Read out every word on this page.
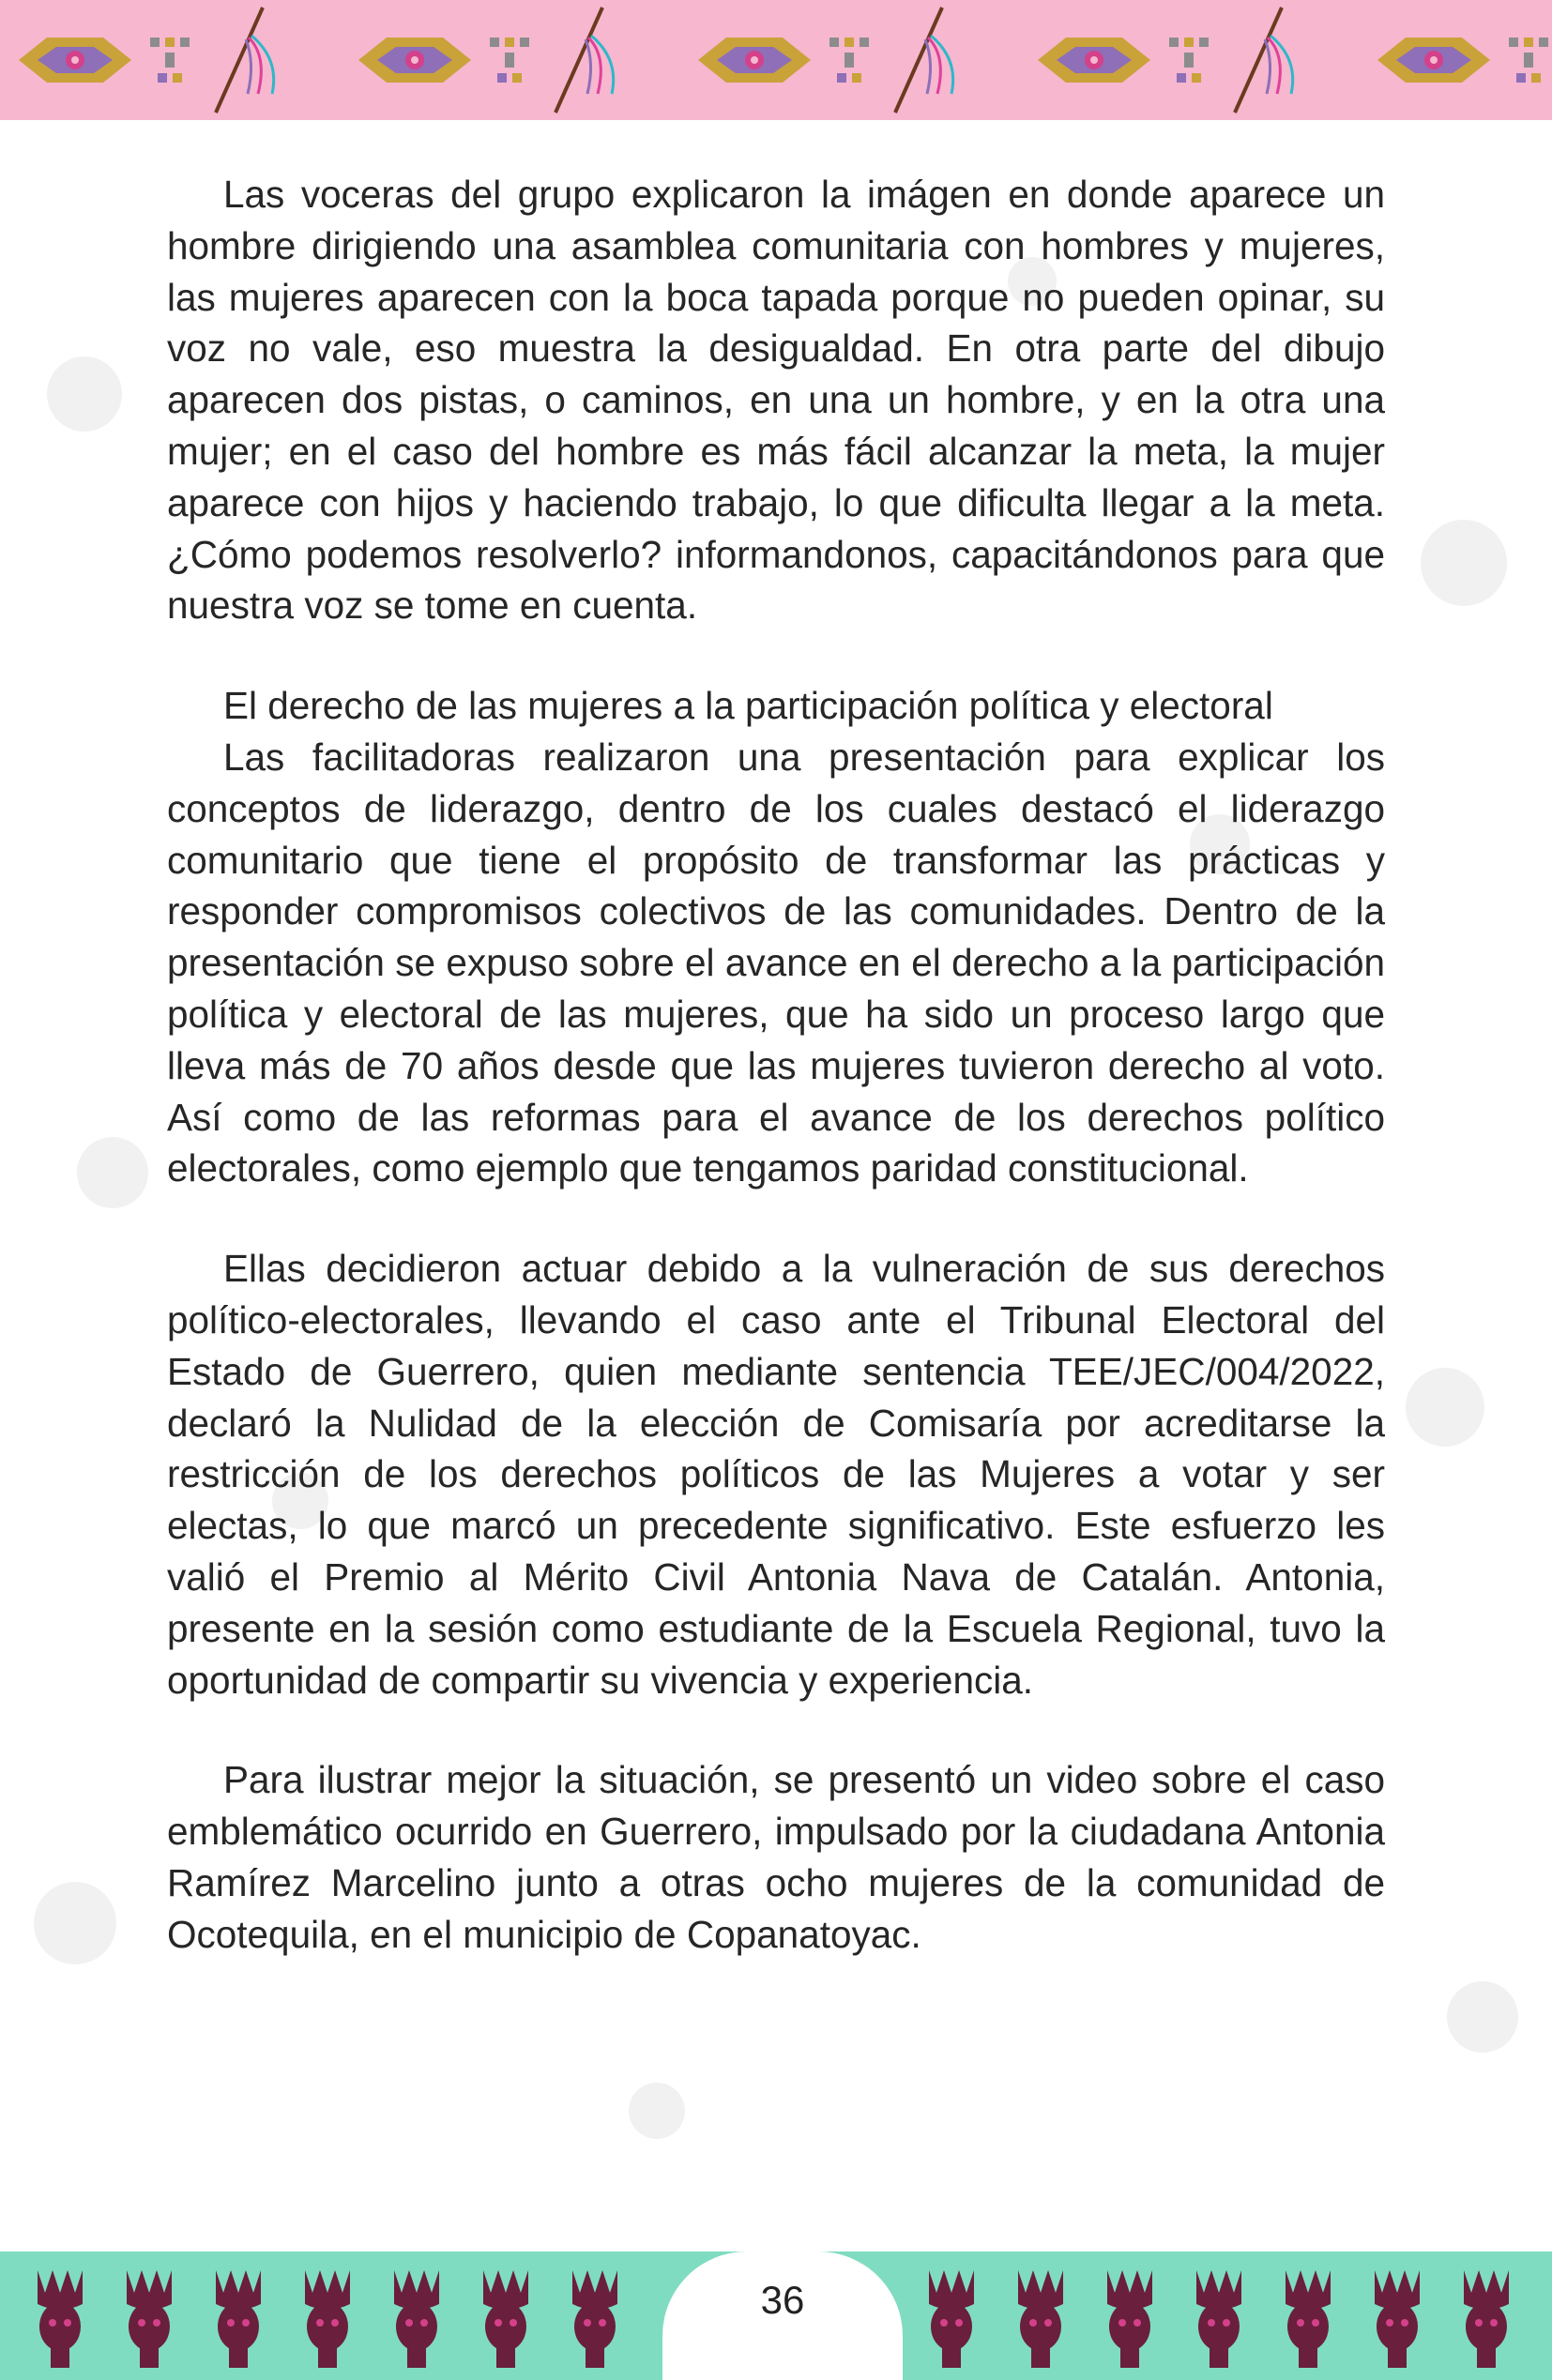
Las voceras del grupo explicaron la imágen en donde aparece un hombre dirigiendo una asamblea comunitaria con hombres y mujeres, las mujeres aparecen con la boca tapada porque no pueden opinar, su voz no vale, eso muestra la desigualdad. En otra parte del dibujo aparecen dos pistas, o caminos, en una un hombre, y en la otra una mujer; en el caso del hombre es más fácil alcanzar la meta, la mujer aparece con hijos y haciendo trabajo, lo que dificulta llegar a la meta. ¿Cómo podemos resolverlo? informandonos, capacitándonos para que nuestra voz se tome en cuenta.

El derecho de las mujeres a la participación política y electoral

Las facilitadoras realizaron una presentación para explicar los conceptos de liderazgo, dentro de los cuales destacó el liderazgo comunitario que tiene el propósito de transformar las prácticas y responder compromisos colectivos de las comunidades. Dentro de la presentación se expuso sobre el avance en el derecho a la participación política y electoral de las mujeres, que ha sido un proceso largo que lleva más de 70 años desde que las mujeres tuvieron derecho al voto. Así como de las reformas para el avance de los derechos político electorales, como ejemplo que tengamos paridad constitucional.

Ellas decidieron actuar debido a la vulneración de sus derechos político-electorales, llevando el caso ante el Tribunal Electoral del Estado de Guerrero, quien mediante sentencia TEE/JEC/004/2022, declaró la Nulidad de la elección de Comisaría por acreditarse la restricción de los derechos políticos de las Mujeres a votar y ser electas, lo que marcó un precedente significativo. Este esfuerzo les valió el Premio al Mérito Civil Antonia Nava de Catalán. Antonia, presente en la sesión como estudiante de la Escuela Regional, tuvo la oportunidad de compartir su vivencia y experiencia.

Para ilustrar mejor la situación, se presentó un video sobre el caso emblemático ocurrido en Guerrero, impulsado por la ciudadana Antonia Ramírez Marcelino junto a otras ocho mujeres de la comunidad de Ocotequila, en el municipio de Copanatoyac.

36
